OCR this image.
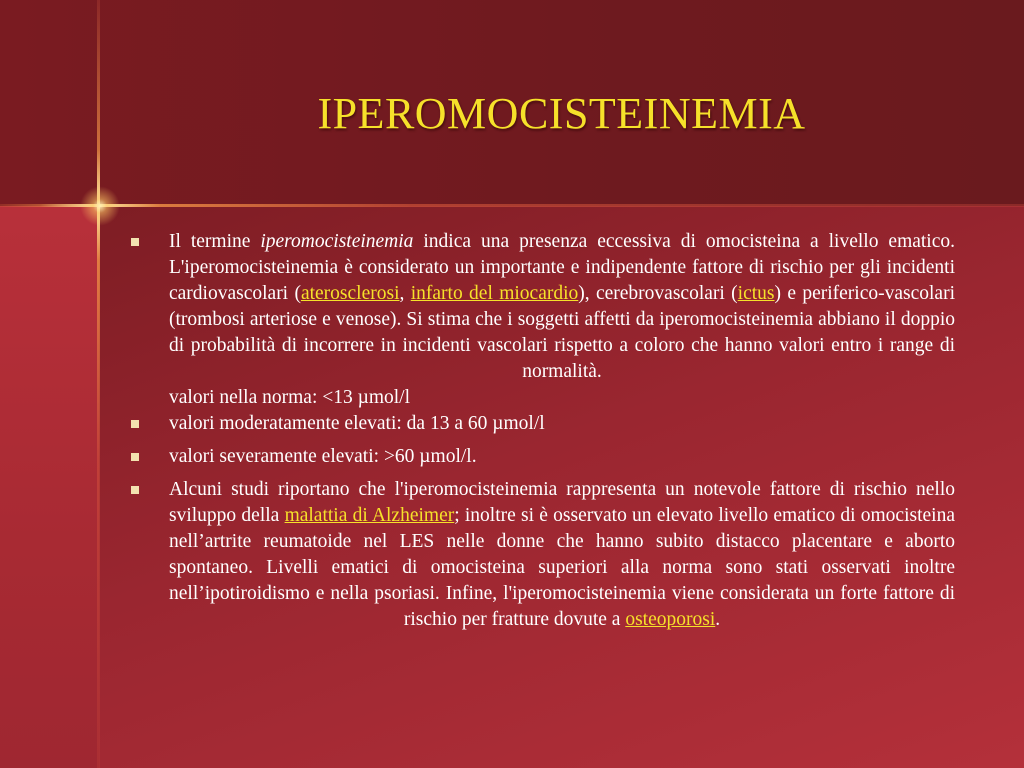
IPEROMOCISTEINEMIA

Il termine iperomocisteinemia indica una presenza eccessiva di omocisteina a livello ematico. L'iperomocisteinemia è considerato un importante e indipendente fattore di rischio per gli incidenti cardiovascolari (aterosclerosi, infarto del miocardio), cerebrovascolari (ictus) e periferico-vascolari (trombosi arteriose e venose). Si stima che i soggetti affetti da iperomocisteinemia abbiano il doppio di probabilità di incorrere in incidenti vascolari rispetto a coloro che hanno valori entro i range di normalità.

valori nella norma: <13 µmol/l

valori moderatamente elevati: da 13 a 60 µmol/l

valori severamente elevati: >60 µmol/l.

Alcuni studi riportano che l'iperomocisteinemia rappresenta un notevole fattore di rischio nello sviluppo della malattia di Alzheimer; inoltre si è osservato un elevato livello ematico di omocisteina nell’artrite reumatoide nel LES nelle donne che hanno subito distacco placentare e aborto spontaneo. Livelli ematici di omocisteina superiori alla norma sono stati osservati inoltre nell’ipotiroidismo e nella psoriasi. Infine, l'iperomocisteinemia viene considerata un forte fattore di rischio per fratture dovute a osteoporosi.
